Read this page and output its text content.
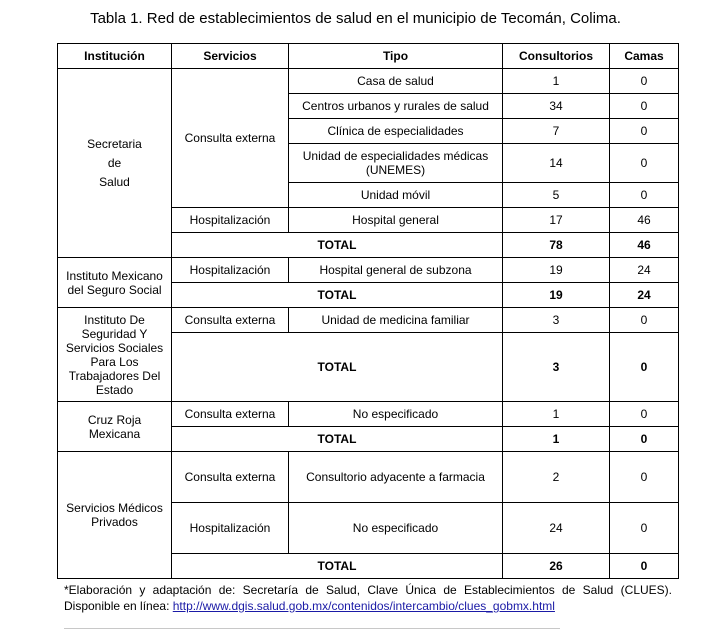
Tabla 1. Red de establecimientos de salud en el municipio de Tecomán, Colima.
Institución	Servicios	Tipo	Consultorios	Camas
Secretaria
de
Salud	Consulta externa	Casa de salud	1	0
		Centros urbanos y rurales de salud	34	0
		Clínica de especialidades	7	0
		Unidad de especialidades médicas (UNEMES)	14	0
		Unidad móvil	5	0
	Hospitalización	Hospital general	17	46
	TOTAL		78	46
Instituto Mexicano del Seguro Social	Hospitalización	Hospital general de subzona	19	24
	TOTAL		19	24
Instituto De Seguridad Y Servicios Sociales Para Los Trabajadores Del Estado	Consulta externa	Unidad de medicina familiar	3	0
	TOTAL		3	0
Cruz Roja Mexicana	Consulta externa	No especificado	1	0
	TOTAL		1	0
Servicios Médicos Privados	Consulta externa	Consultorio adyacente a farmacia	2	0
	Hospitalización	No especificado	24	0
	TOTAL		26	0
*Elaboración y adaptación de: Secretaría de Salud, Clave Única de Establecimientos de Salud (CLUES). Disponible en línea: http://www.dgis.salud.gob.mx/contenidos/intercambio/clues_gobmx.html
